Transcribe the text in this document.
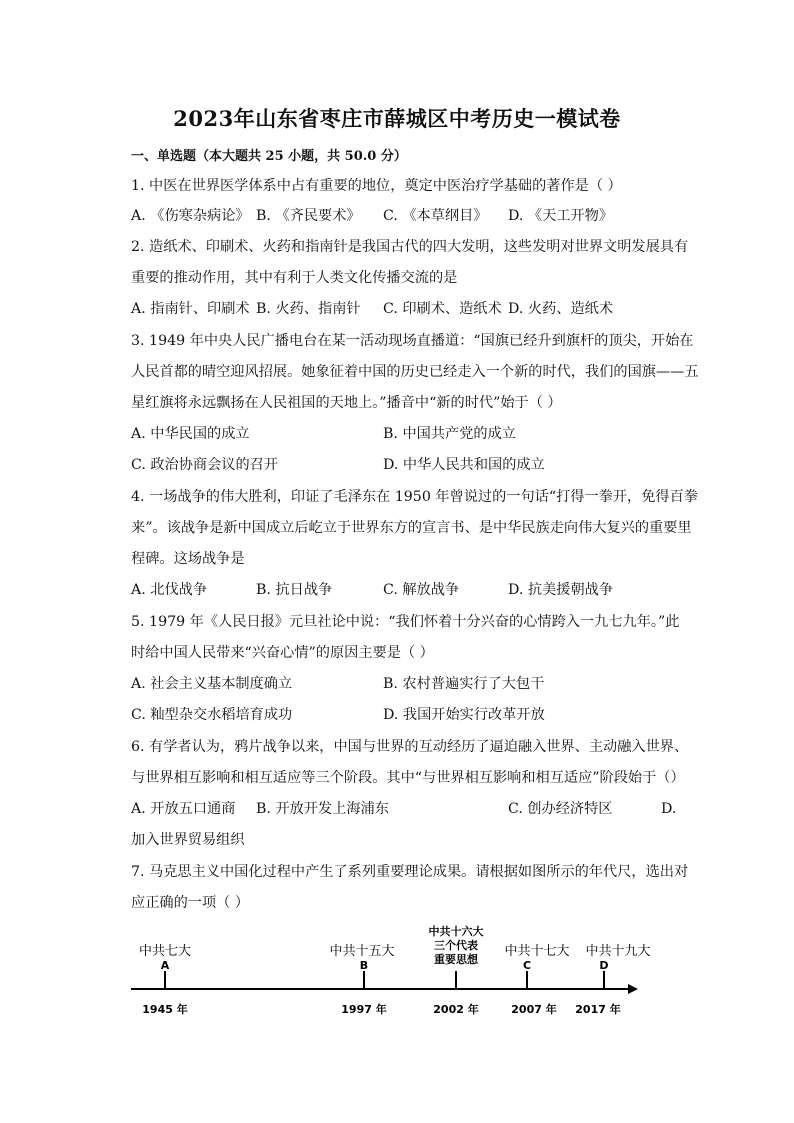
2023年山东省枣庄市薛城区中考历史一模试卷
一、单选题（本大题共 25 小题，共 50.0 分）
1. 中医在世界医学体系中占有重要的地位，奠定中医治疗学基础的著作是（ ）
A. 《伤寒杂病论》 B. 《齐民要术》 C. 《本草纲目》 D. 《天工开物》
2. 造纸术、印刷术、火药和指南针是我国古代的四大发明，这些发明对世界文明发展具有
重要的推动作用，其中有利于人类文化传播交流的是
A. 指南针、印刷术 B. 火药、指南针 C. 印刷术、造纸术 D. 火药、造纸术
3. 1949 年中央人民广播电台在某一活动现场直播道：“国旗已经升到旗杆的顶尖，开始在
人民首都的晴空迎风招展。她象征着中国的历史已经走入一个新的时代，我们的国旗——五
星红旗将永远飘扬在人民祖国的天地上。”播音中“新的时代”始于（ ）
A. 中华民国的成立	B. 中国共产党的成立
C. 政治协商会议的召开	D. 中华人民共和国的成立
4. 一场战争的伟大胜利，印证了毛泽东在 1950 年曾说过的一句话“打得一拳开，免得百拳
来”。该战争是新中国成立后屹立于世界东方的宣言书、是中华民族走向伟大复兴的重要里
程碑。这场战争是
A. 北伐战争	B. 抗日战争	C. 解放战争	D. 抗美援朝战争
5. 1979 年《人民日报》元旦社论中说：“我们怀着十分兴奋的心情跨入一九七九年。”此
时给中国人民带来“兴奋心情”的原因主要是（ ）
A. 社会主义基本制度确立	B. 农村普遍实行了大包干
C. 籼型杂交水稻培育成功	D. 我国开始实行改革开放
6. 有学者认为，鸦片战争以来，中国与世界的互动经历了逼迫融入世界、主动融入世界、
与世界相互影响和相互适应等三个阶段。其中“与世界相互影响和相互适应”阶段始于（）
A. 开放五口通商 B. 开放开发上海浦东	C. 创办经济特区	D.
加入世界贸易组织
7. 马克思主义中国化过程中产生了系列重要理论成果。请根据如图所示的年代尺，选出对
应正确的一项（ ）
中共七大
A
中共十五大
B
中共十六大
三个代表
重要思想
中共十七大
C
中共十九大
D
1945 年	1997 年	2002 年	2007 年 2017 年
